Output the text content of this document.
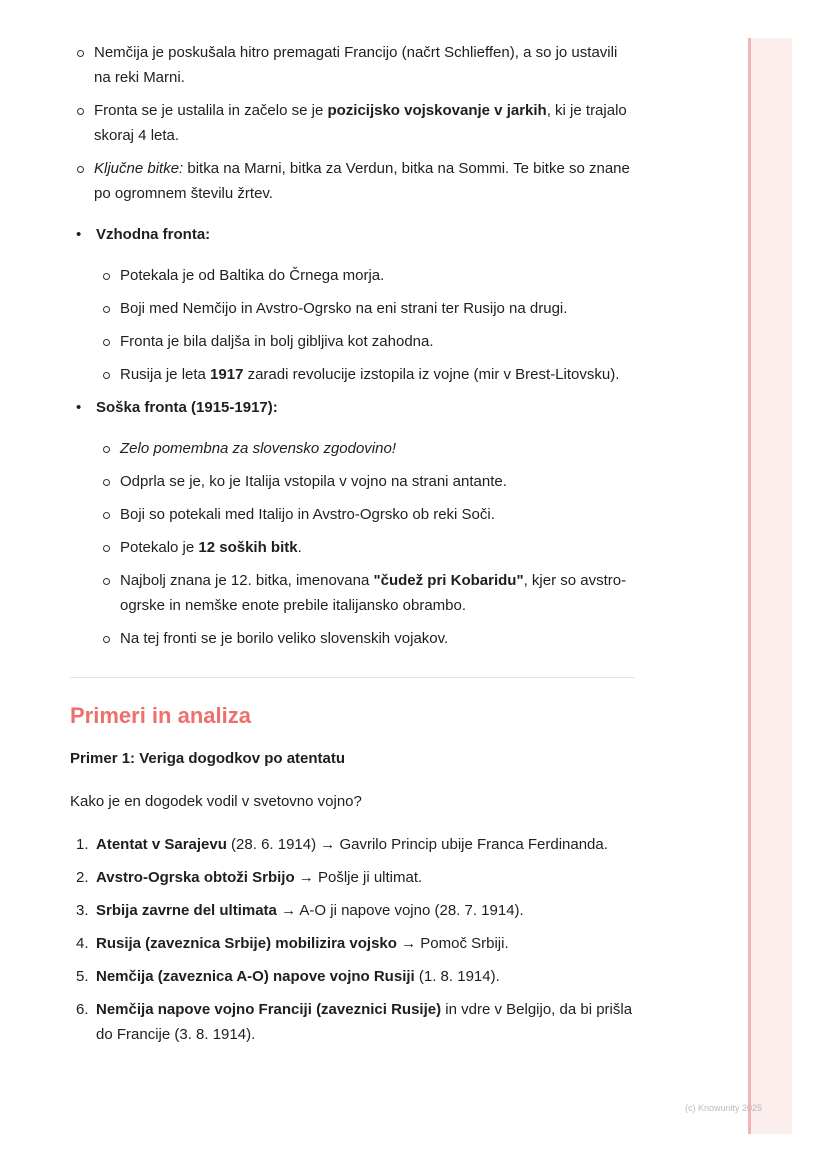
Nemčija je poskušala hitro premagati Francijo (načrt Schlieffen), a so jo ustavili na reki Marni.
Fronta se je ustalila in začelo se je pozicijsko vojskovanje v jarkih, ki je trajalo skoraj 4 leta.
Ključne bitke: bitka na Marni, bitka za Verdun, bitka na Sommi. Te bitke so znane po ogromnem številu žrtev.
• Vzhodna fronta:
Potekala je od Baltika do Črnega morja.
Boji med Nemčijo in Avstro-Ogrsko na eni strani ter Rusijo na drugi.
Fronta je bila daljša in bolj gibljiva kot zahodna.
Rusija je leta 1917 zaradi revolucije izstopila iz vojne (mir v Brest-Litovsku).
• Soška fronta (1915-1917):
Zelo pomembna za slovensko zgodovino!
Odprla se je, ko je Italija vstopila v vojno na strani antante.
Boji so potekali med Italijo in Avstro-Ogrsko ob reki Soči.
Potekalo je 12 soških bitk.
Najbolj znana je 12. bitka, imenovana "čudež pri Kobaridu", kjer so avstro-ogrske in nemške enote prebile italijansko obrambo.
Na tej fronti se je borilo veliko slovenskih vojakov.
Primeri in analiza

Primer 1: Veriga dogodkov po atentatu

Kako je en dogodek vodil v svetovno vojno?

1. Atentat v Sarajevu (28. 6. 1914) → Gavrilo Princip ubije Franca Ferdinanda.
2. Avstro-Ogrska obtoži Srbijo → Pošlje ji ultimat.
3. Srbija zavrne del ultimata → A-O ji napove vojno (28. 7. 1914).
4. Rusija (zaveznica Srbije) mobilizira vojsko → Pomoč Srbiji.
5. Nemčija (zaveznica A-O) napove vojno Rusiji (1. 8. 1914).
6. Nemčija napove vojno Franciji (zaveznici Rusije) in vdre v Belgijo, da bi prišla do Francije (3. 8. 1914).
(c) Knowunity 2025
